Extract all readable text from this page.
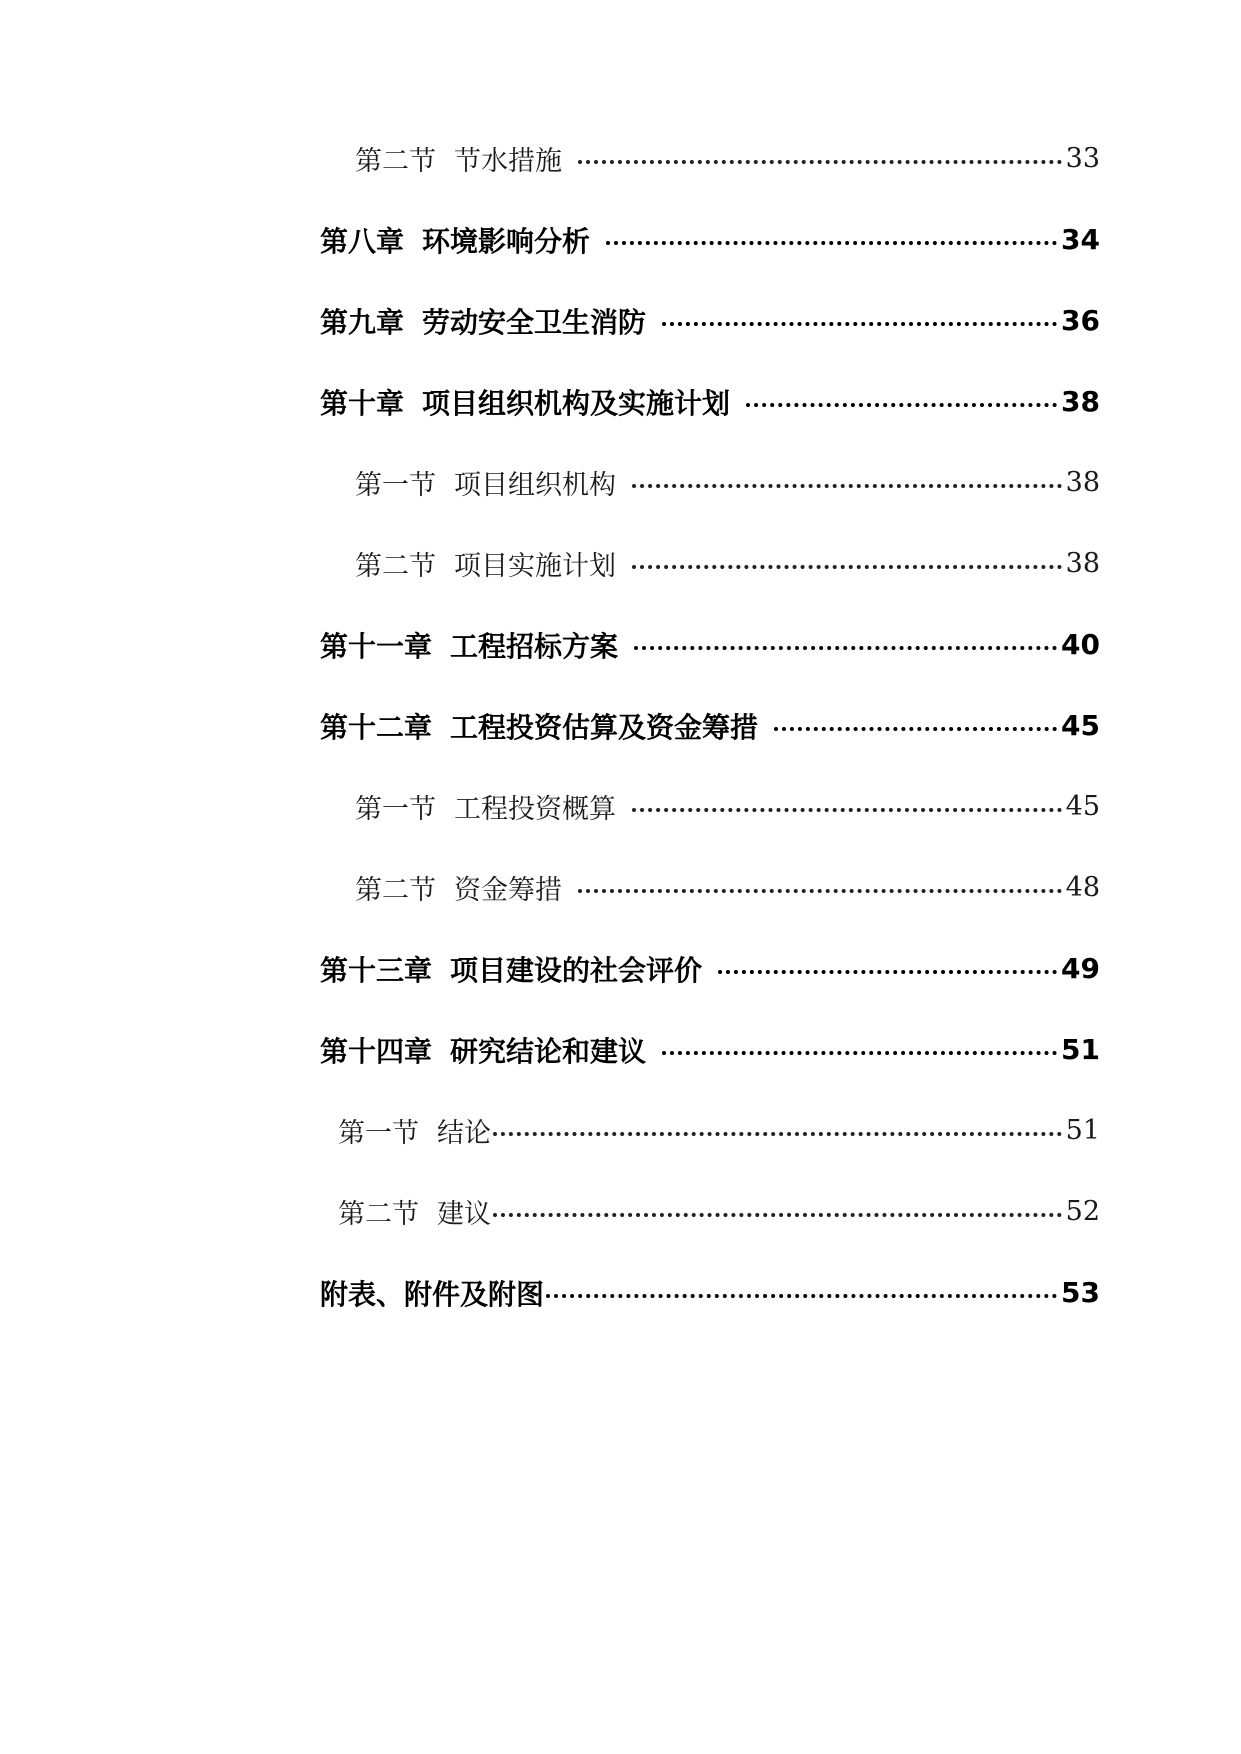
第二节 节水措施	33
第八章 环境影响分析	34
第九章 劳动安全卫生消防	36
第十章 项目组织机构及实施计划	38
第一节 项目组织机构	38
第二节 项目实施计划	38
第十一章 工程招标方案	40
第十二章 工程投资估算及资金筹措	45
第一节 工程投资概算	45
第二节 资金筹措	48
第十三章 项目建设的社会评价	49
第十四章 研究结论和建议	51
第一节 结论	51
第二节 建议	52
附表、附件及附图	53
